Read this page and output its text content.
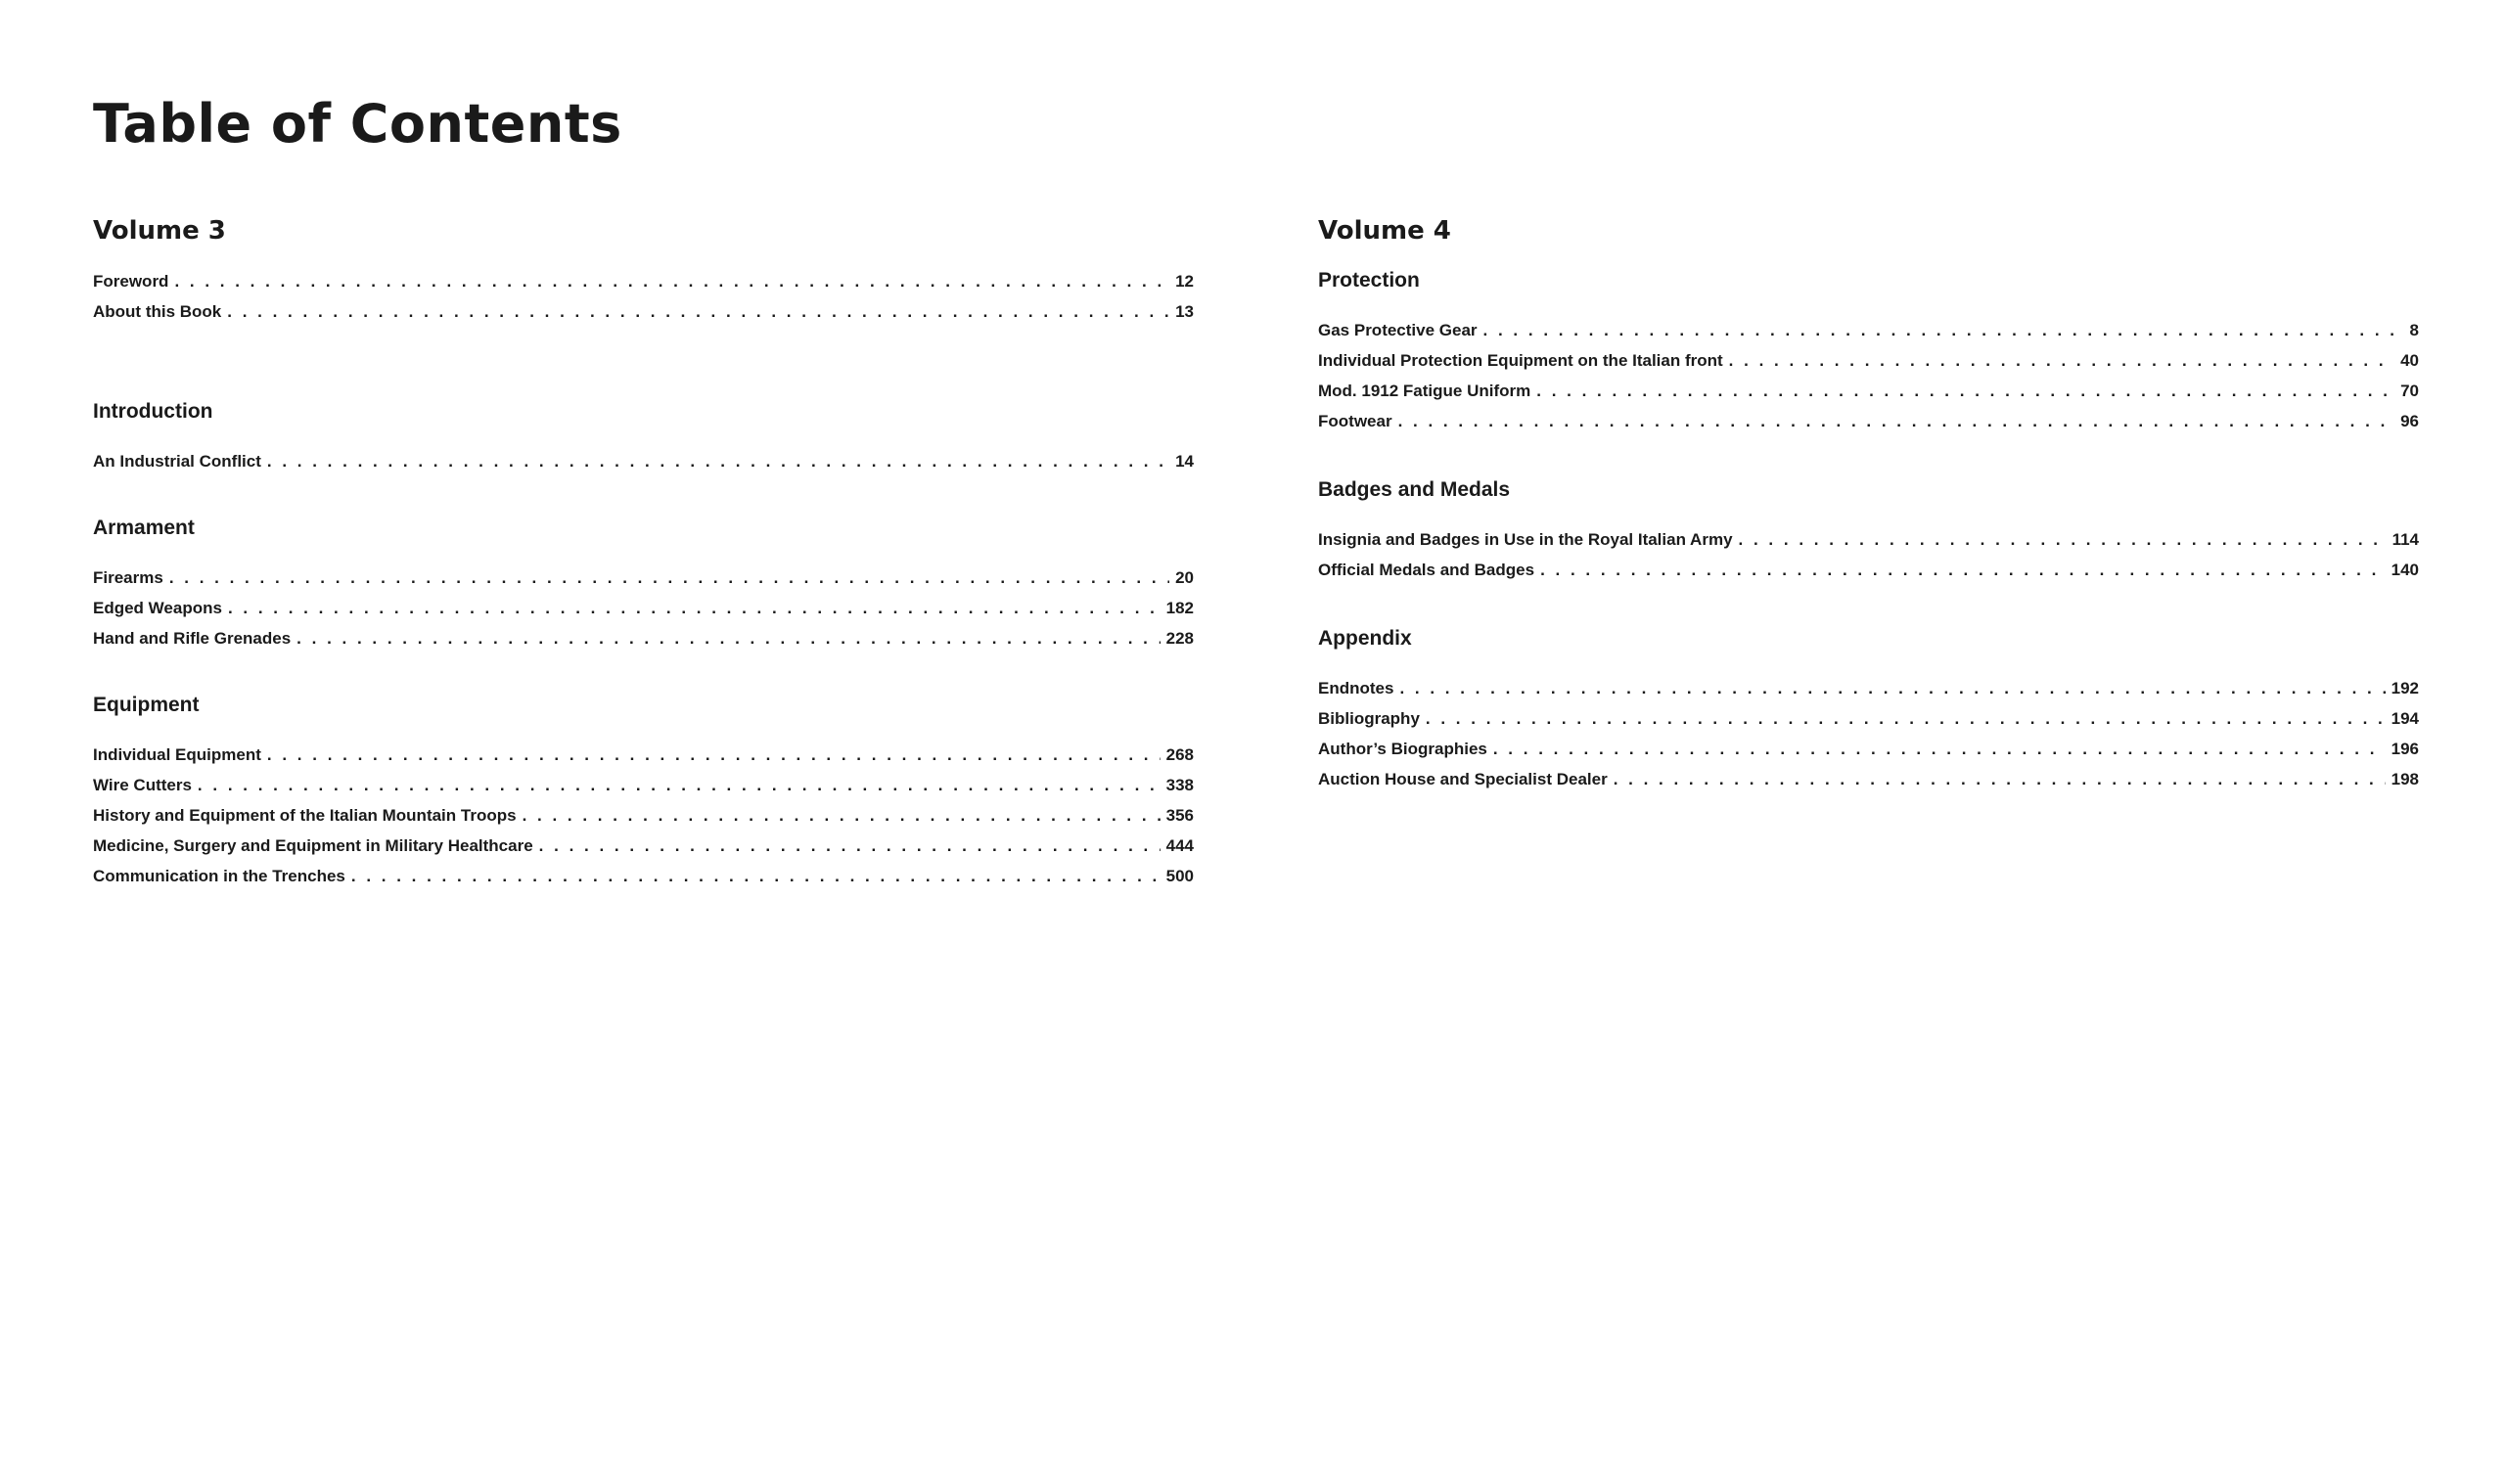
Table of Contents
Volume 3
Foreword . . .	12
About this Book . . .	13
Introduction
An Industrial Conflict . . .	14
Armament
Firearms . . .	20
Edged Weapons . . .	182
Hand and Rifle Grenades . . .	228
Equipment
Individual Equipment . . .	268
Wire Cutters . . .	338
History and Equipment of the Italian Mountain Troops . . .	356
Medicine, Surgery and Equipment in Military Healthcare . . .	444
Communication in the Trenches . . .	500
Volume 4
Protection
Gas Protective Gear . . .	8
Individual Protection Equipment on the Italian front . . .	40
Mod. 1912 Fatigue Uniform . . .	70
Footwear . . .	96
Badges and Medals
Insignia and Badges in Use in the Royal Italian Army . . .	114
Official Medals and Badges . . .	140
Appendix
Endnotes . . .	192
Bibliography . . .	194
Author’s Biographies . . .	196
Auction House and Specialist Dealer . . .	198
